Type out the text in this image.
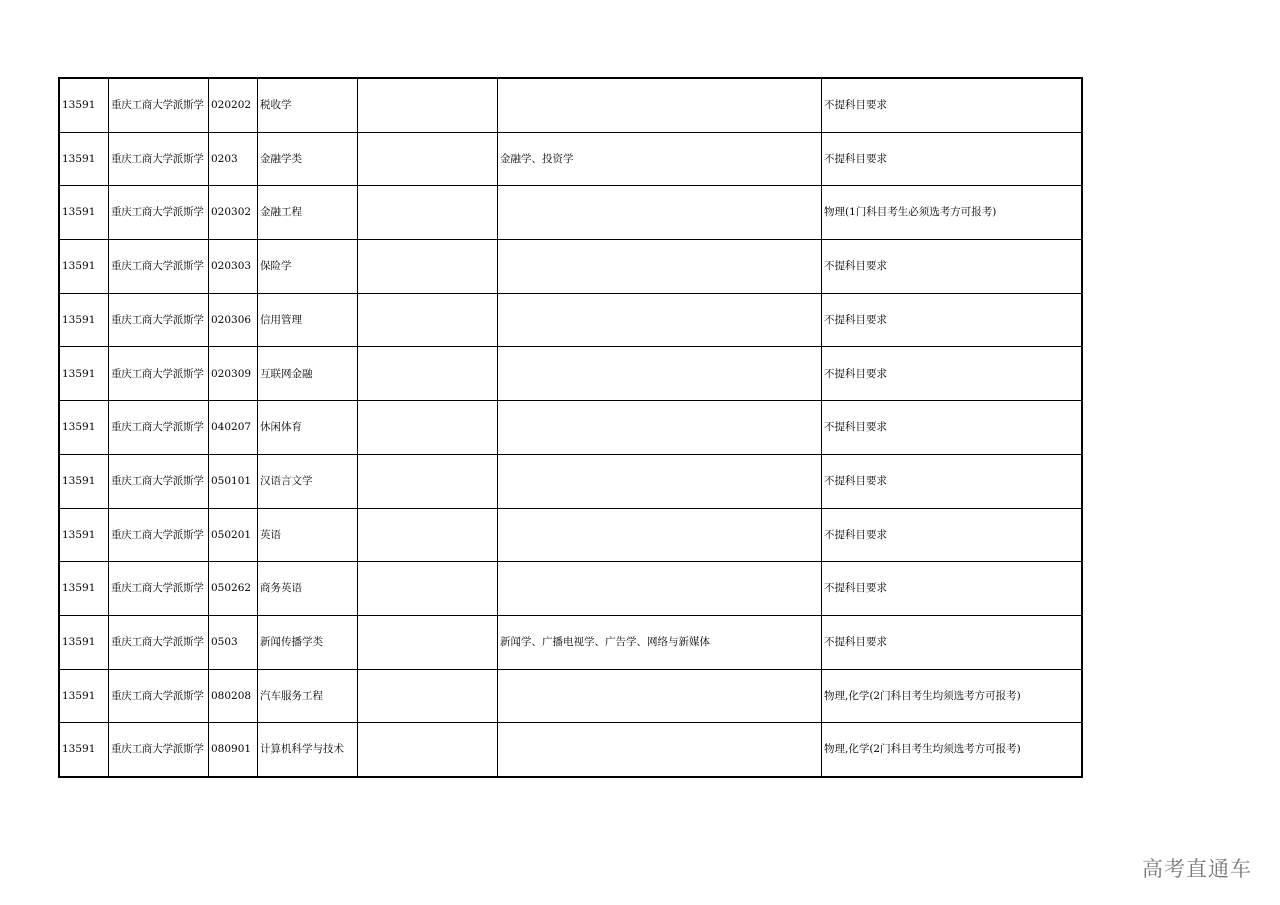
13591	重庆工商大学派斯学	020202	税收学			不提科目要求
13591	重庆工商大学派斯学	0203	金融学类		金融学、投资学	不提科目要求
13591	重庆工商大学派斯学	020302	金融工程			物理(1门科目考生必须选考方可报考)
13591	重庆工商大学派斯学	020303	保险学			不提科目要求
13591	重庆工商大学派斯学	020306	信用管理			不提科目要求
13591	重庆工商大学派斯学	020309	互联网金融			不提科目要求
13591	重庆工商大学派斯学	040207	休闲体育			不提科目要求
13591	重庆工商大学派斯学	050101	汉语言文学			不提科目要求
13591	重庆工商大学派斯学	050201	英语			不提科目要求
13591	重庆工商大学派斯学	050262	商务英语			不提科目要求
13591	重庆工商大学派斯学	0503	新闻传播学类		新闻学、广播电视学、广告学、网络与新媒体	不提科目要求
13591	重庆工商大学派斯学	080208	汽车服务工程			物理,化学(2门科目考生均须选考方可报考)
13591	重庆工商大学派斯学	080901	计算机科学与技术			物理,化学(2门科目考生均须选考方可报考)
高考直通车
